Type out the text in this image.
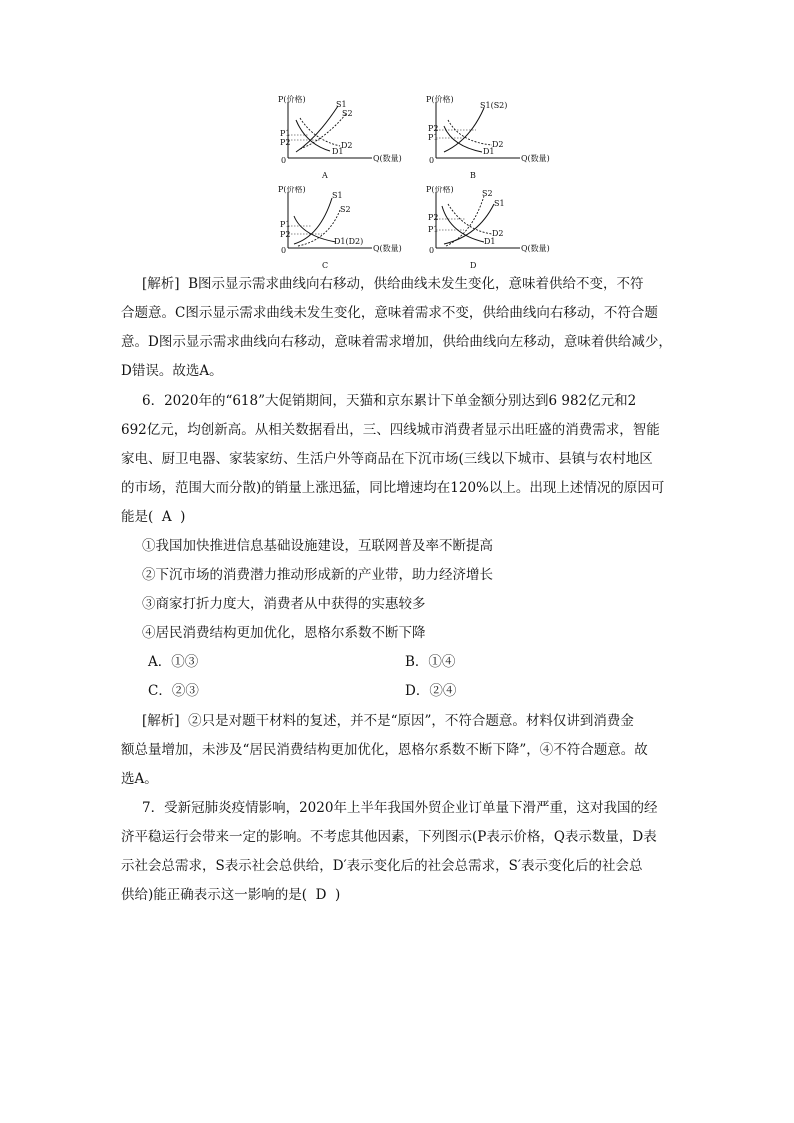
P(价格)
Q(数量)
0
S1
S2
D1
D2
P1
P2
A
P(价格)
Q(数量)
0
S1(S2)
D1
D2
P2
P1
B
P(价格)
Q(数量)
0
S1
S2
D1(D2)
P1
P2
C
P(价格)
Q(数量)
0
S2
S1
D2
D1
P2
P1
D
[解析]  B图示显示需求曲线向右移动，供给曲线未发生变化，意味着供给不变，不符
合题意。C图示显示需求曲线未发生变化，意味着需求不变，供给曲线向右移动，不符合题
意。D图示显示需求曲线向右移动，意味着需求增加，供给曲线向左移动，意味着供给减少，
D错误。故选A。
6．2020年的“618”大促销期间，天猫和京东累计下单金额分别达到6 982亿元和2
692亿元，均创新高。从相关数据看出，三、四线城市消费者显示出旺盛的消费需求，智能
家电、厨卫电器、家装家纺、生活户外等商品在下沉市场(三线以下城市、县镇与农村地区
的市场，范围大而分散)的销量上涨迅猛，同比增速均在120%以上。出现上述情况的原因可
能是(  A  )
①我国加快推进信息基础设施建设，互联网普及率不断提高
②下沉市场的消费潜力推动形成新的产业带，助力经济增长
③商家打折力度大，消费者从中获得的实惠较多
④居民消费结构更加优化，恩格尔系数不断下降
A．①③	B．①④
C．②③	D．②④
[解析]  ②只是对题干材料的复述，并不是“原因”，不符合题意。材料仅讲到消费金
额总量增加，未涉及“居民消费结构更加优化，恩格尔系数不断下降”，④不符合题意。故
选A。
7．受新冠肺炎疫情影响，2020年上半年我国外贸企业订单量下滑严重，这对我国的经
济平稳运行会带来一定的影响。不考虑其他因素，下列图示(P表示价格，Q表示数量，D表
示社会总需求，S表示社会总供给，D′表示变化后的社会总需求，S′表示变化后的社会总
供给)能正确表示这一影响的是(  D  )
